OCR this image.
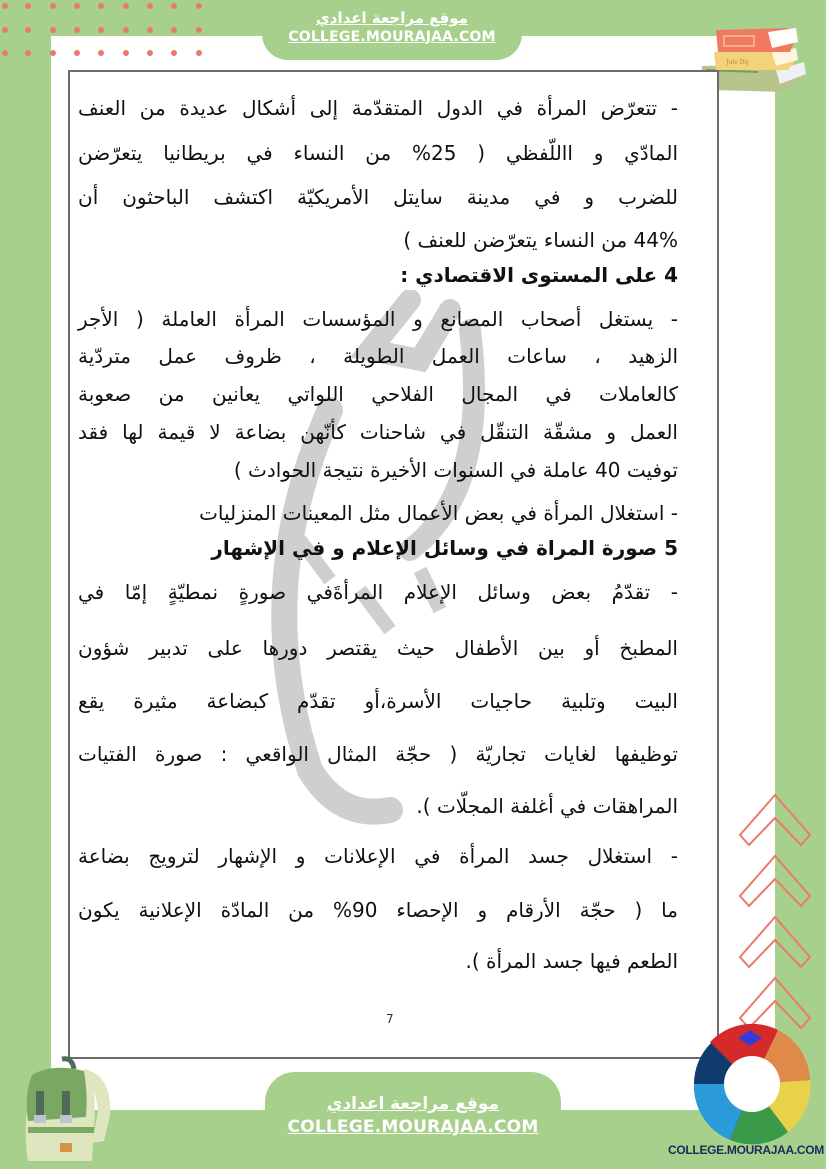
موقع مراجعة اعدادي
COLLEGE.MOURAJAA.COM
Jule Dq
- تتعرّض المرأة في الدول المتقدّمة إلى أشكال عديدة من العنف
المادّي و االلّفظي ( 25% من النساء في بريطانيا يتعرّضن
للضرب و في مدينة سايتل الأمريكيّة اكتشف الباحثون أن
44% من النساء يتعرّضن للعنف )
4 على المستوى الاقتصادي :
- يستغل أصحاب المصانع و المؤسسات المرأة العاملة ( الأجر
الزهيد ، ساعات العمل الطويلة ، ظروف عمل متردّية
كالعاملات في المجال الفلاحي اللواتي يعانين من صعوبة
العمل و مشقّة التنقّل في شاحنات كأنّهن بضاعة لا قيمة لها فقد
توفيت 40 عاملة في السنوات الأخيرة نتيجة الحوادث )
- استغلال المرأة في بعض الأعمال مثل المعينات المنزليات
5 صورة المراة في وسائل الإعلام و في الإشهار
- تقدّمُ بعض وسائل الإعلام المرأةَفي صورةٍ نمطيّةٍ إمّا في
المطبخ أو بين الأطفال حيث يقتصر دورها على تدبير شؤون
البيت وتلبية حاجيات الأسرة،أو تقدّم كبضاعة مثيرة يقع
توظيفها لغايات تجاريّة ( حجّة المثال الواقعي : صورة الفتيات
المراهقات في أغلفة المجلّات ).
- استغلال جسد المرأة في الإعلانات و الإشهار لترويج بضاعة
ما ( حجّة الأرقام و الإحصاء 90% من المادّة الإعلانية يكون
الطعم فيها جسد المرأة ).
7
COLLEGE.MOURAJAA.COM
موقع مراجعة اعدادي
COLLEGE.MOURAJAA.COM
